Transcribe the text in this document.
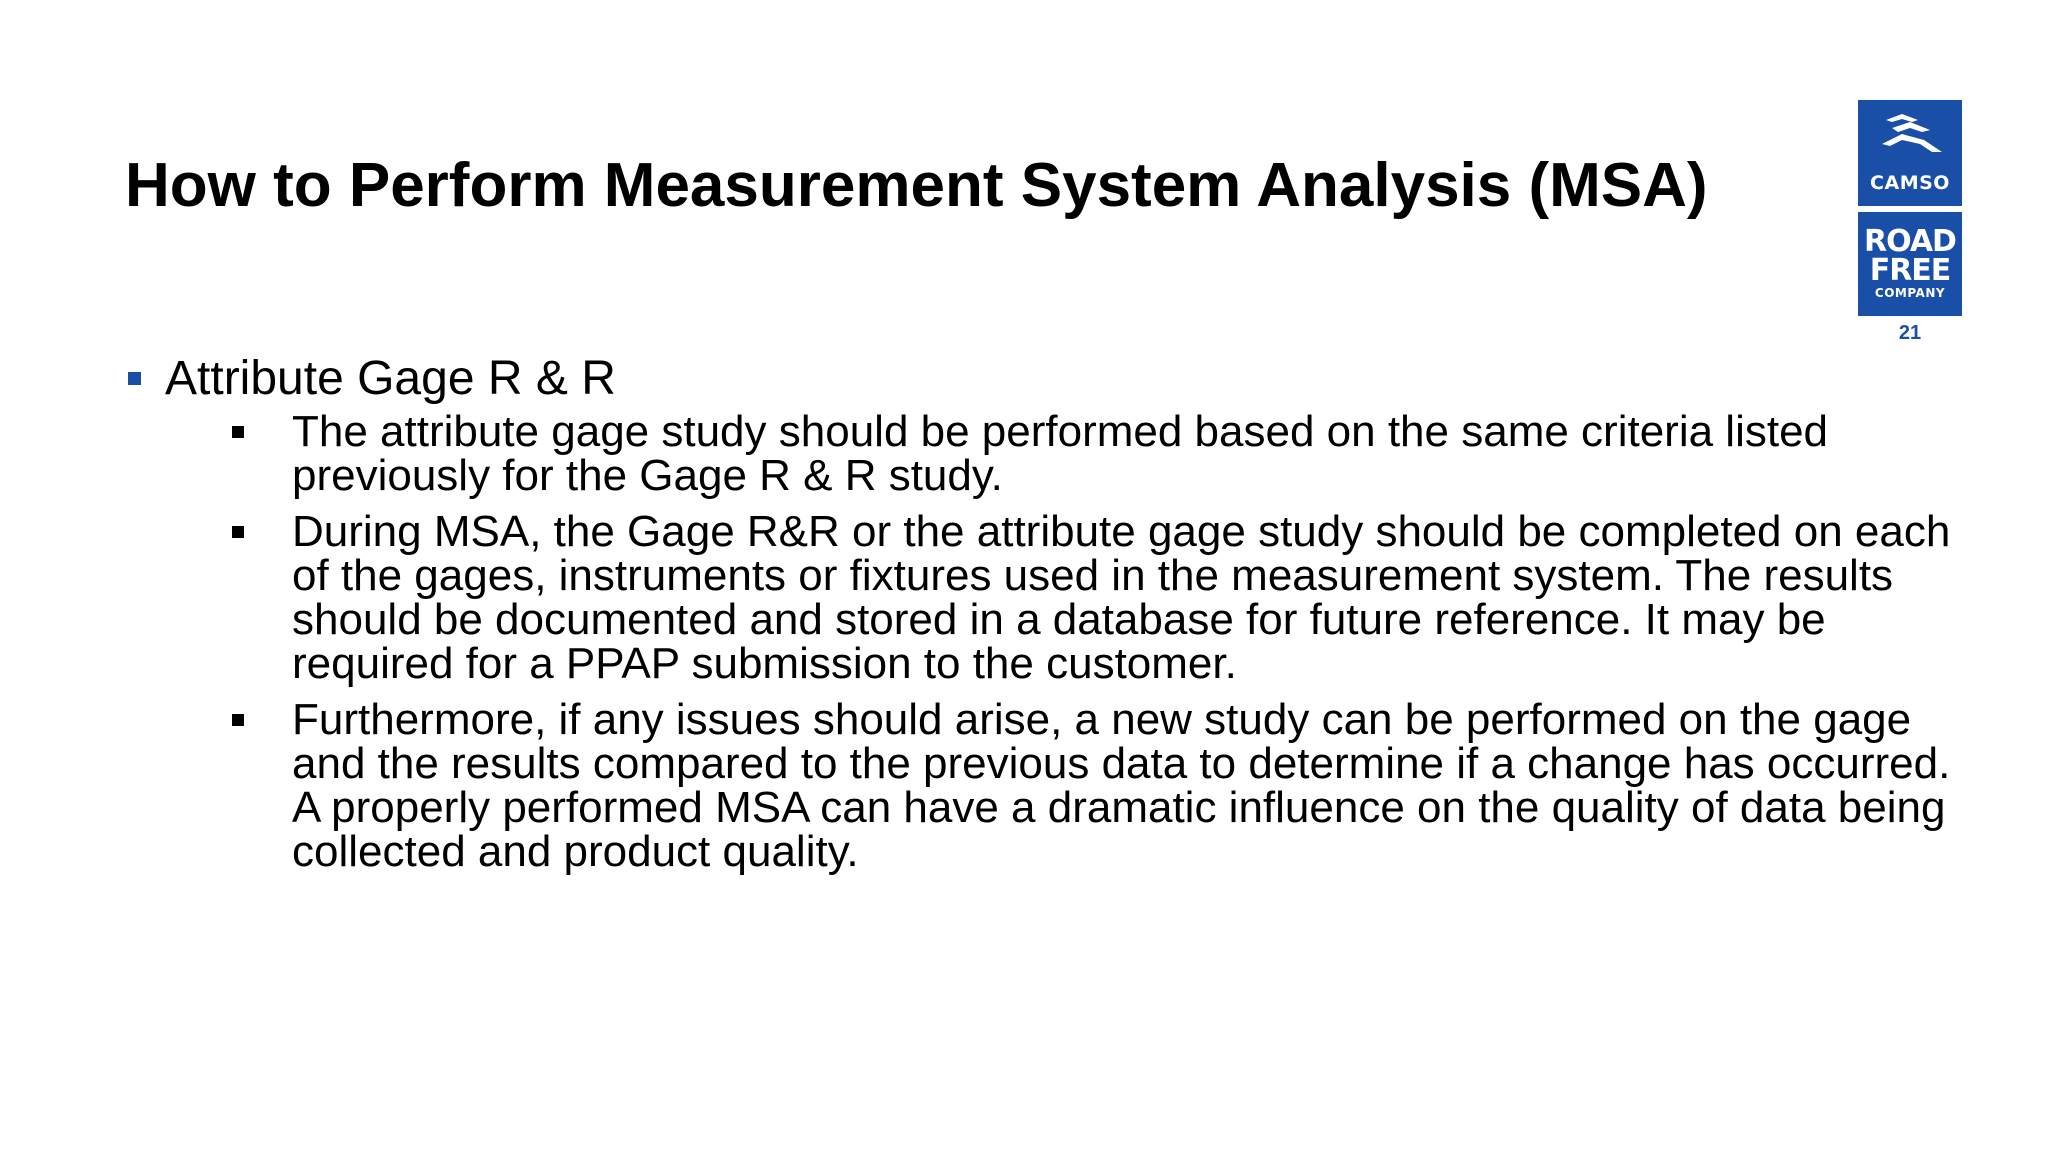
How to Perform Measurement System Analysis (MSA)	CAMSO
ROAD
FREE
COMPANY
21
Attribute Gage R & R
The attribute gage study should be performed based on the same criteria listed previously for the Gage R & R study.
During MSA, the Gage R&R or the attribute gage study should be completed on each of the gages, instruments or fixtures used in the measurement system. The results should be documented and stored in a database for future reference. It may be required for a PPAP submission to the customer.
Furthermore, if any issues should arise, a new study can be performed on the gage and the results compared to the previous data to determine if a change has occurred. A properly performed MSA can have a dramatic influence on the quality of data being collected and product quality.
